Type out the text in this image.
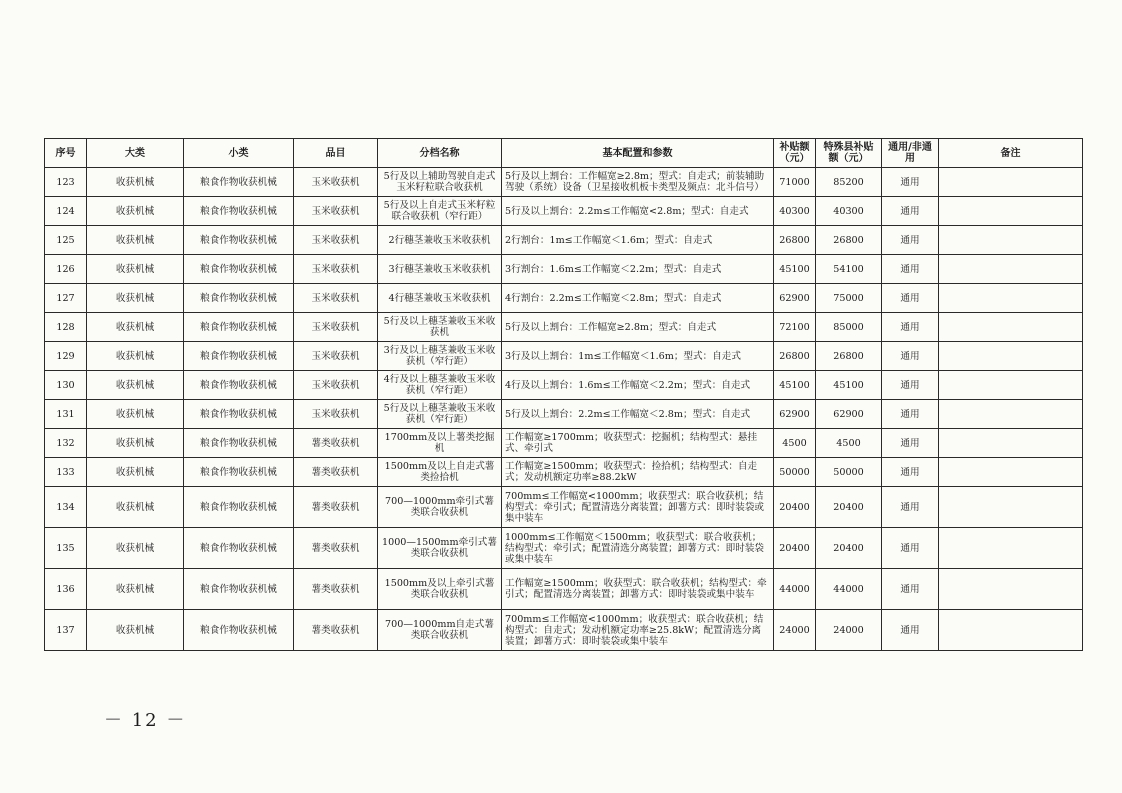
序号	大类	小类	品目	分档名称	基本配置和参数	补贴额（元）	特殊县补贴额（元）	通用/非通用	备注
123	收获机械	粮食作物收获机械	玉米收获机	5行及以上辅助驾驶自走式玉米籽粒联合收获机	5行及以上割台：工作幅宽≥2.8m；型式：自走式；前装辅助驾驶（系统）设备（卫星接收机板卡类型及频点：北斗信号）	71000	85200	通用	
124	收获机械	粮食作物收获机械	玉米收获机	5行及以上自走式玉米籽粒联合收获机（窄行距）	5行及以上割台：2.2m≤工作幅宽<2.8m；型式：自走式	40300	40300	通用	
125	收获机械	粮食作物收获机械	玉米收获机	2行穗茎兼收玉米收获机	2行割台：1m≤工作幅宽＜1.6m；型式：自走式	26800	26800	通用	
126	收获机械	粮食作物收获机械	玉米收获机	3行穗茎兼收玉米收获机	3行割台：1.6m≤工作幅宽＜2.2m；型式：自走式	45100	54100	通用	
127	收获机械	粮食作物收获机械	玉米收获机	4行穗茎兼收玉米收获机	4行割台：2.2m≤工作幅宽＜2.8m；型式：自走式	62900	75000	通用	
128	收获机械	粮食作物收获机械	玉米收获机	5行及以上穗茎兼收玉米收获机	5行及以上割台：工作幅宽≥2.8m；型式：自走式	72100	85000	通用	
129	收获机械	粮食作物收获机械	玉米收获机	3行及以上穗茎兼收玉米收获机（窄行距）	3行及以上割台：1m≤工作幅宽＜1.6m；型式：自走式	26800	26800	通用	
130	收获机械	粮食作物收获机械	玉米收获机	4行及以上穗茎兼收玉米收获机（窄行距）	4行及以上割台：1.6m≤工作幅宽＜2.2m；型式：自走式	45100	45100	通用	
131	收获机械	粮食作物收获机械	玉米收获机	5行及以上穗茎兼收玉米收获机（窄行距）	5行及以上割台：2.2m≤工作幅宽＜2.8m；型式：自走式	62900	62900	通用	
132	收获机械	粮食作物收获机械	薯类收获机	1700mm及以上薯类挖掘机	工作幅宽≥1700mm；收获型式：挖掘机；结构型式：悬挂式、牵引式	4500	4500	通用	
133	收获机械	粮食作物收获机械	薯类收获机	1500mm及以上自走式薯类捡拾机	工作幅宽≥1500mm；收获型式：捡拾机；结构型式：自走式；发动机额定功率≥88.2kW	50000	50000	通用	
134	收获机械	粮食作物收获机械	薯类收获机	700—1000mm牵引式薯类联合收获机	700mm≤工作幅宽<1000mm；收获型式：联合收获机；结构型式：牵引式；配置清选分离装置；卸薯方式：即时装袋或集中装车	20400	20400	通用	
135	收获机械	粮食作物收获机械	薯类收获机	1000—1500mm牵引式薯类联合收获机	1000mm≤工作幅宽＜1500mm；收获型式：联合收获机；结构型式：牵引式；配置清选分离装置；卸薯方式：即时装袋或集中装车	20400	20400	通用	
136	收获机械	粮食作物收获机械	薯类收获机	1500mm及以上牵引式薯类联合收获机	工作幅宽≥1500mm；收获型式：联合收获机；结构型式：牵引式；配置清选分离装置；卸薯方式：即时装袋或集中装车	44000	44000	通用	
137	收获机械	粮食作物收获机械	薯类收获机	700—1000mm自走式薯类联合收获机	700mm≤工作幅宽<1000mm；收获型式：联合收获机；结构型式：自走式；发动机额定功率≥25.8kW；配置清选分离装置；卸薯方式：即时装袋或集中装车	24000	24000	通用	
－ 12 －
